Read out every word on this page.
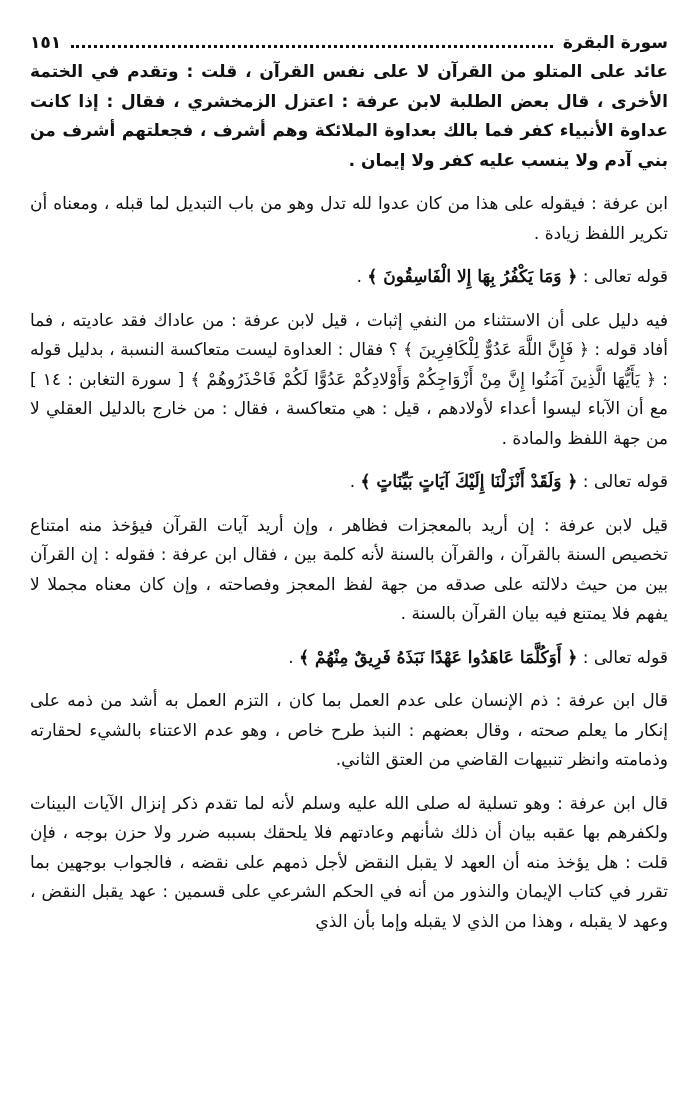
سورة البقرة
١٥١

عائد على المتلو من القرآن لا على نفس القرآن ، قلت : وتقدم في الختمة الأخرى ، قال بعض الطلبة لابن عرفة : اعتزل الزمخشري ، فقال : إذا كانت عداوة الأنبياء كفر فما بالك بعداوة الملائكة وهم أشرف ، فجعلتهم أشرف من بني آدم ولا ينسب عليه كفر ولا إيمان .

ابن عرفة : فيقوله على هذا من كان عدوا لله تدل وهو من باب التبديل لما قبله ، ومعناه أن تكرير اللفظ زيادة .

قوله تعالى : ﴿ وَمَا يَكْفُرُ بِهَا إِلا الْفَاسِقُونَ ﴾ .

فيه دليل على أن الاستثناء من النفي إثبات ، قيل لابن عرفة : من عاداك فقد عاديته ، فما أفاد قوله : ﴿ فَإِنَّ اللَّهَ عَدُوٌّ لِلْكَافِرِينَ ﴾ ؟ فقال : العداوة ليست متعاكسة النسبة ، بدليل قوله : ﴿ يَأَيُّهَا الَّذِينَ آمَنُوا إِنَّ مِنْ أَزْوَاجِكُمْ وَأَوْلادِكُمْ عَدُوًّا لَكُمْ فَاحْذَرُوهُمْ ﴾ [ سورة التغابن : ١٤ ] مع أن الآباء ليسوا أعداء لأولادهم ، قيل : هي متعاكسة ، فقال : من خارج بالدليل العقلي لا من جهة اللفظ والمادة .

قوله تعالى : ﴿ وَلَقَدْ أَنْزَلْنَا إِلَيْكَ آيَاتٍ بَيِّنَاتٍ ﴾ .

قيل لابن عرفة : إن أريد بالمعجزات فظاهر ، وإن أريد آيات القرآن فيؤخذ منه امتناع تخصيص السنة بالقرآن ، والقرآن بالسنة لأنه كلمة بين ، فقال ابن عرفة : فقوله : إن القرآن بين من حيث دلالته على صدقه من جهة لفظ المعجز وفصاحته ، وإن كان معناه مجملا لا يفهم فلا يمتنع فيه بيان القرآن بالسنة .

قوله تعالى : ﴿ أَوَكُلَّمَا عَاهَدُوا عَهْدًا نَبَذَهُ فَرِيقٌ مِنْهُمْ ﴾ .

قال ابن عرفة : ذم الإنسان على عدم العمل بما كان ، التزم العمل به أشد من ذمه على إنكار ما يعلم صحته ، وقال بعضهم : النبذ طرح خاص ، وهو عدم الاعتناء بالشيء لحقارته وذمامته وانظر تنبيهات القاضي من العتق الثاني.

قال ابن عرفة : وهو تسلية له صلى الله عليه وسلم لأنه لما تقدم ذكر إنزال الآيات البينات ولكفرهم بها عقبه بيان أن ذلك شأنهم وعادتهم فلا يلحقك بسببه ضرر ولا حزن بوجه ، فإن قلت : هل يؤخذ منه أن العهد لا يقبل النقض لأجل ذمهم على نقضه ، فالجواب بوجهين بما تقرر في كتاب الإيمان والنذور من أنه في الحكم الشرعي على قسمين : عهد يقبل النقض ، وعهد لا يقبله ، وهذا من الذي لا يقبله وإما بأن الذي
